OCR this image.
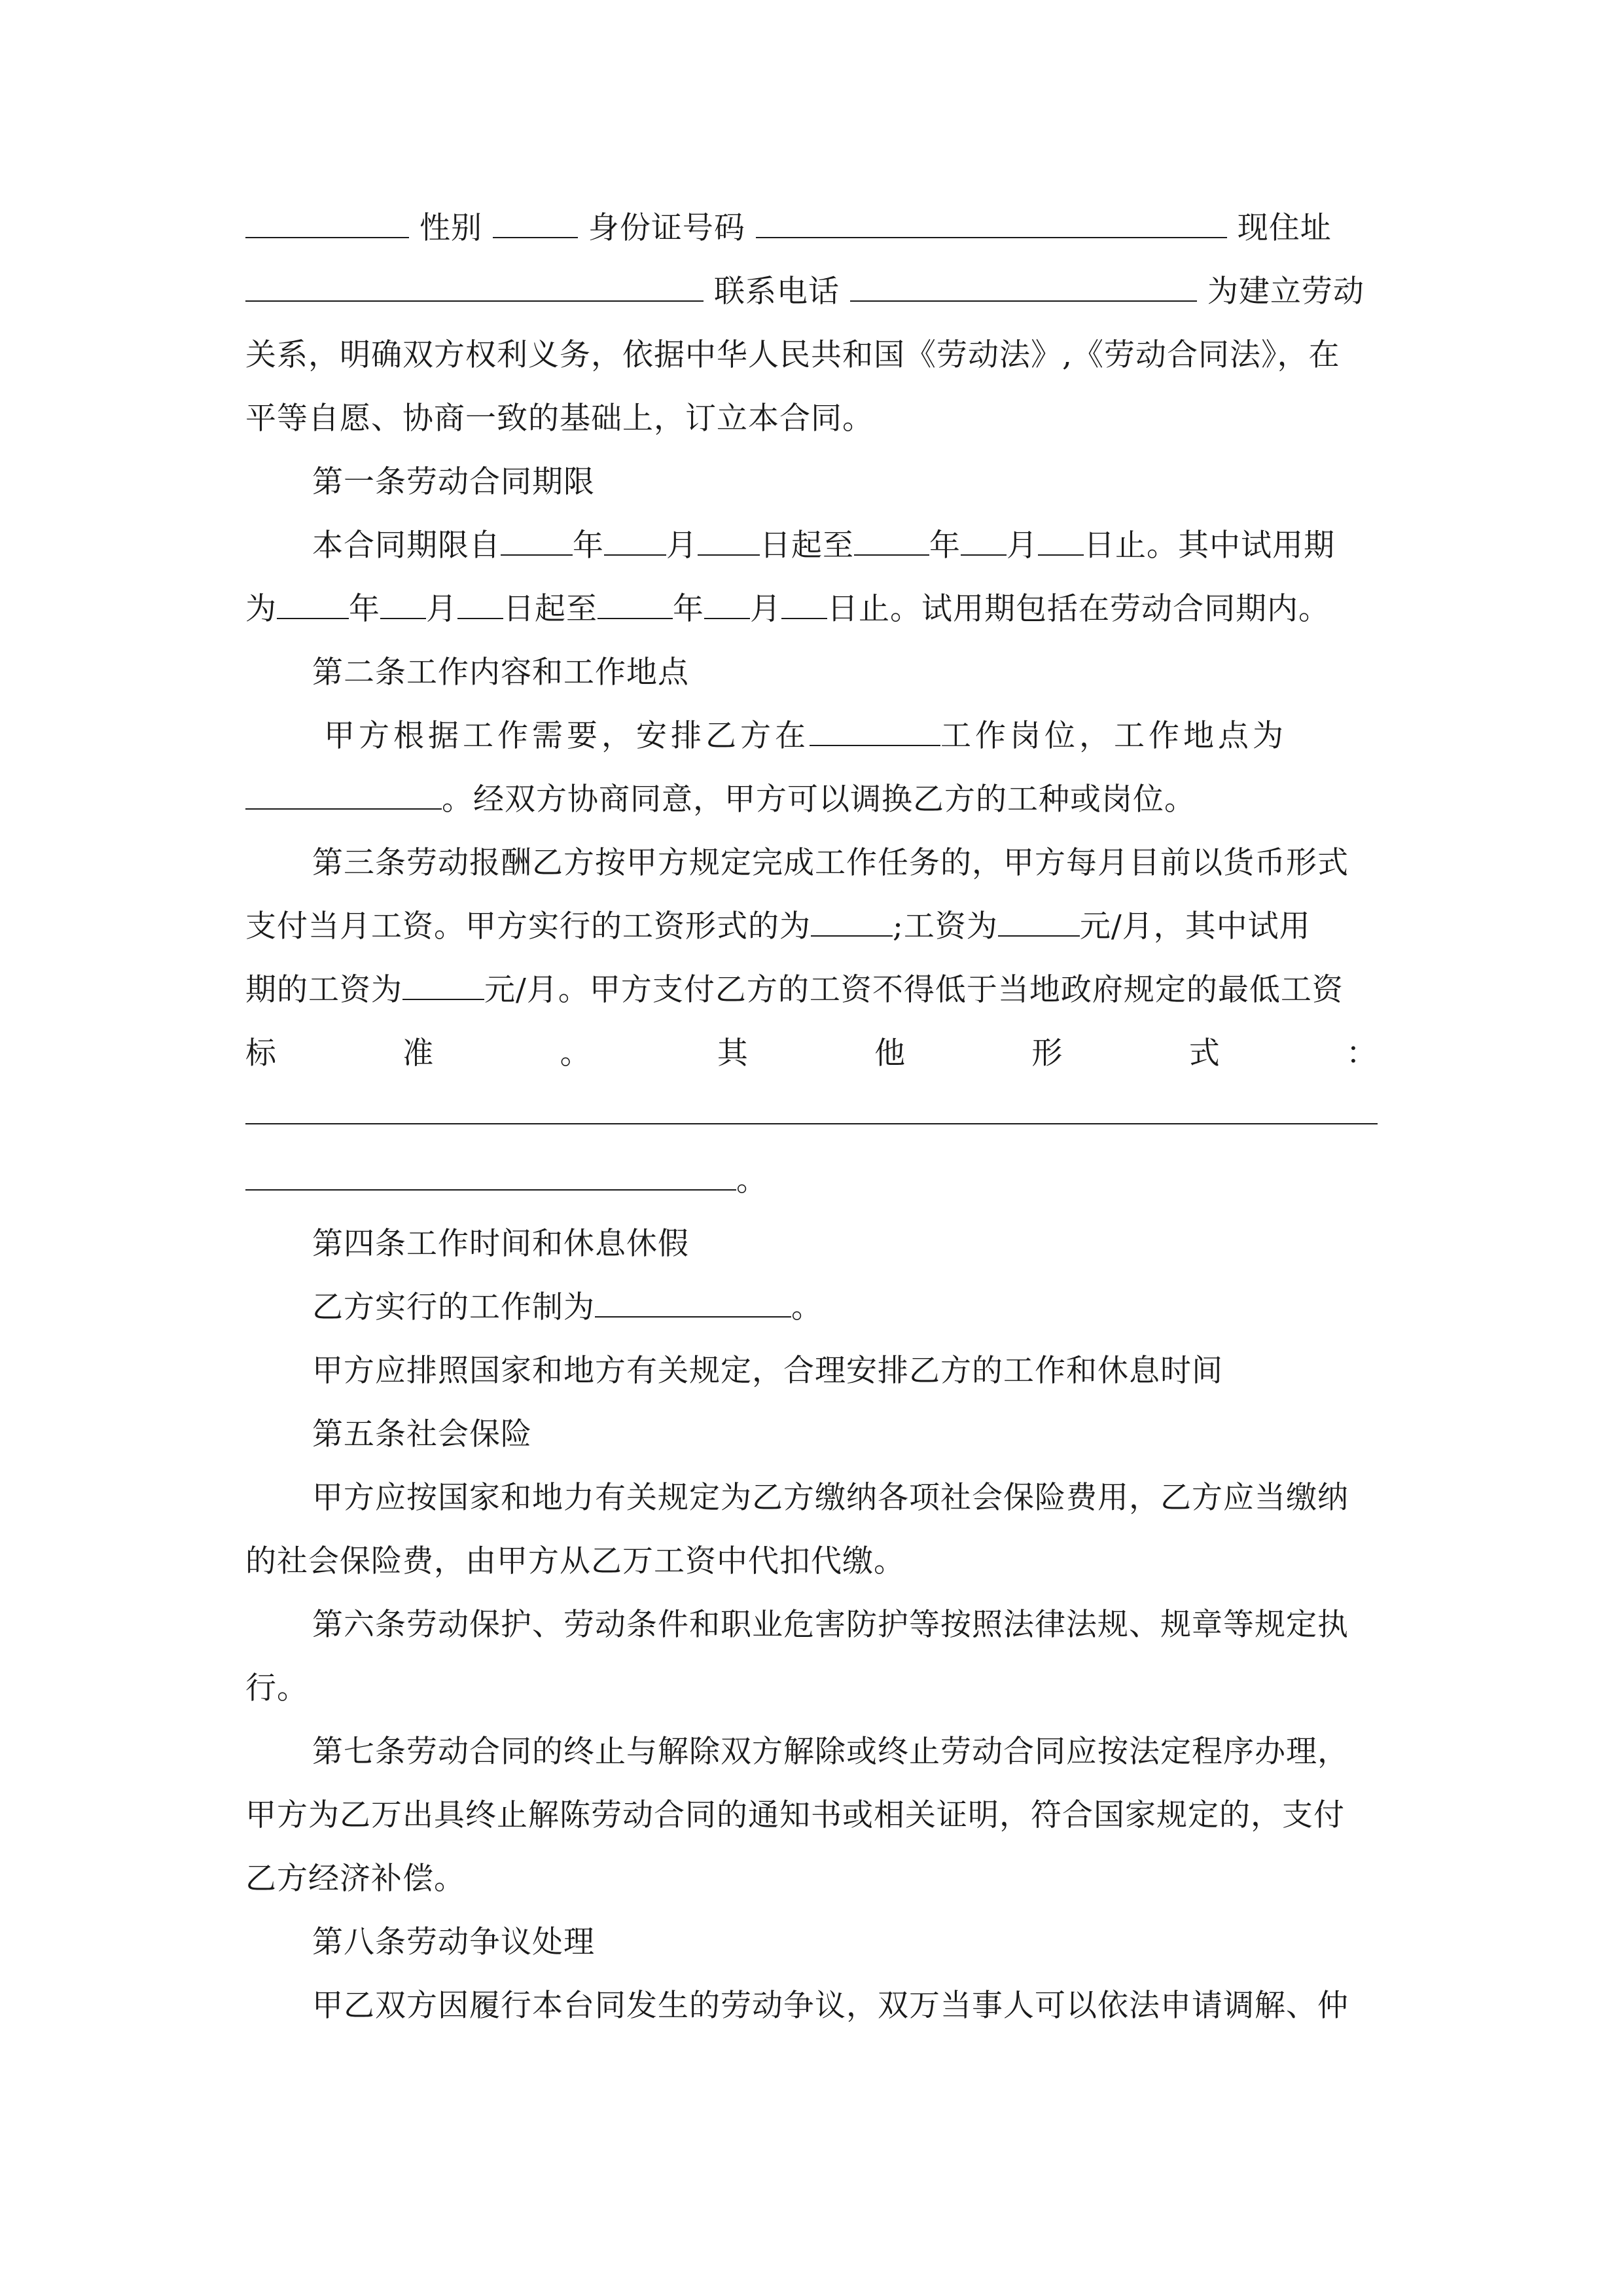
性别	身份证号码	现住址
联系电话	为建立劳动
关系，明确双方权利义务，依据中华人民共和国《劳动法》,《劳动合同法》，在
平等自愿、协商一致的基础上，订立本合同。
第一条劳动合同期限
本合同期限自 年 月 日起至 年 月 日止。其中试用期
为 年 月 日起至 年 月 日止。试用期包括在劳动合同期内。
第二条工作内容和工作地点
甲方根据工作需要，安排乙方在	工作岗位，工作地点为
。经双方协商同意，甲方可以调换乙方的工种或岗位。
第三条劳动报酬乙方按甲方规定完成工作任务的，甲方每月目前以货币形式
支付当月工资。甲方实行的工资形式的为	;工资为	元/月，其中试用
期的工资为	元/月。甲方支付乙方的工资不得低于当地政府规定的最低工资
标	准	。	其	他	形	式	：
。
第四条工作时间和休息休假
乙方实行的工作制为	。
甲方应排照国家和地方有关规定，合理安排乙方的工作和休息时间
第五条社会保险
甲方应按国家和地力有关规定为乙方缴纳各项社会保险费用，乙方应当缴纳
的社会保险费，由甲方从乙万工资中代扣代缴。
第六条劳动保护、劳动条件和职业危害防护等按照法律法规、规章等规定执
行。
第七条劳动合同的终止与解除双方解除或终止劳动合同应按法定程序办理，
甲方为乙万出具终止解陈劳动合同的通知书或相关证明，符合国家规定的，支付
乙方经济补偿。
第八条劳动争议处理
甲乙双方因履行本台同发生的劳动争议，双万当事人可以依法申请调解、仲
